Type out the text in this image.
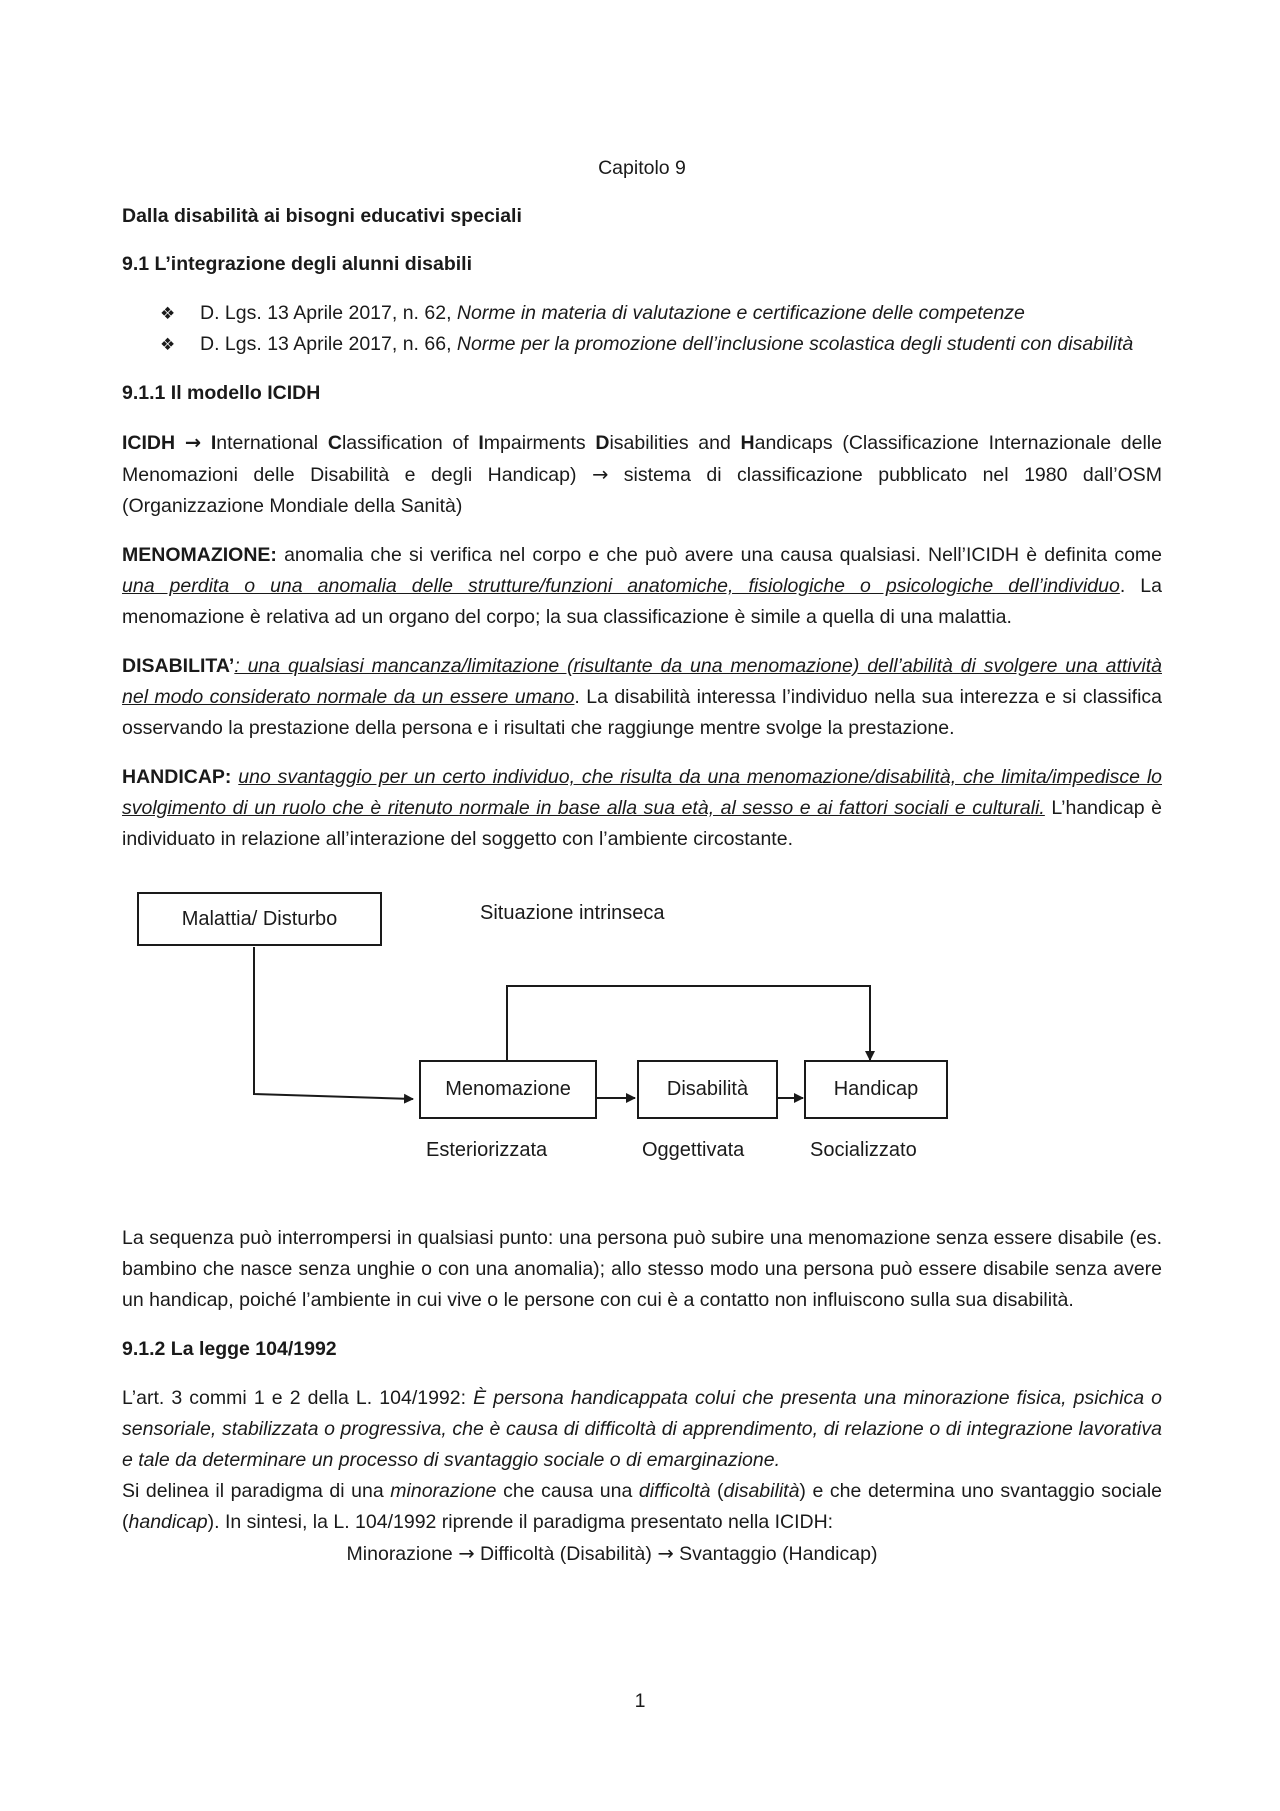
Capitolo 9

Dalla disabilità ai bisogni educativi speciali

9.1 L’integrazione degli alunni disabili

❖ D. Lgs. 13 Aprile 2017, n. 62, Norme in materia di valutazione e certificazione delle competenze
❖ D. Lgs. 13 Aprile 2017, n. 66, Norme per la promozione dell’inclusione scolastica degli studenti con disabilità

9.1.1 Il modello ICIDH

ICIDH → International Classification of Impairments Disabilities and Handicaps (Classificazione Internazionale delle Menomazioni delle Disabilità e degli Handicap) → sistema di classificazione pubblicato nel 1980 dall’OSM (Organizzazione Mondiale della Sanità)

MENOMAZIONE: anomalia che si verifica nel corpo e che può avere una causa qualsiasi. Nell’ICIDH è definita come una perdita o una anomalia delle strutture/funzioni anatomiche, fisiologiche o psicologiche dell’individuo. La menomazione è relativa ad un organo del corpo; la sua classificazione è simile a quella di una malattia.

DISABILITA’: una qualsiasi mancanza/limitazione (risultante da una menomazione) dell’abilità di svolgere una attività nel modo considerato normale da un essere umano. La disabilità interessa l’individuo nella sua interezza e si classifica osservando la prestazione della persona e i risultati che raggiunge mentre svolge la prestazione.

HANDICAP: uno svantaggio per un certo individuo, che risulta da una menomazione/disabilità, che limita/impedisce lo svolgimento di un ruolo che è ritenuto normale in base alla sua età, al sesso e ai fattori sociali e culturali. L’handicap è individuato in relazione all’interazione del soggetto con l’ambiente circostante.

Malattia/ Disturbo	Situazione intrinseca
Menomazione	Disabilità	Handicap
Esteriorizzata	Oggettivata	Socializzato

La sequenza può interrompersi in qualsiasi punto: una persona può subire una menomazione senza essere disabile (es. bambino che nasce senza unghie o con una anomalia); allo stesso modo una persona può essere disabile senza avere un handicap, poiché l’ambiente in cui vive o le persone con cui è a contatto non influiscono sulla sua disabilità.

9.1.2 La legge 104/1992

L’art. 3 commi 1 e 2 della L. 104/1992: È persona handicappata colui che presenta una minorazione fisica, psichica o sensoriale, stabilizzata o progressiva, che è causa di difficoltà di apprendimento, di relazione o di integrazione lavorativa e tale da determinare un processo di svantaggio sociale o di emarginazione.

Si delinea il paradigma di una minorazione che causa una difficoltà (disabilità) e che determina uno svantaggio sociale (handicap). In sintesi, la L. 104/1992 riprende il paradigma presentato nella ICIDH:

Minorazione → Difficoltà (Disabilità) → Svantaggio (Handicap)

1
